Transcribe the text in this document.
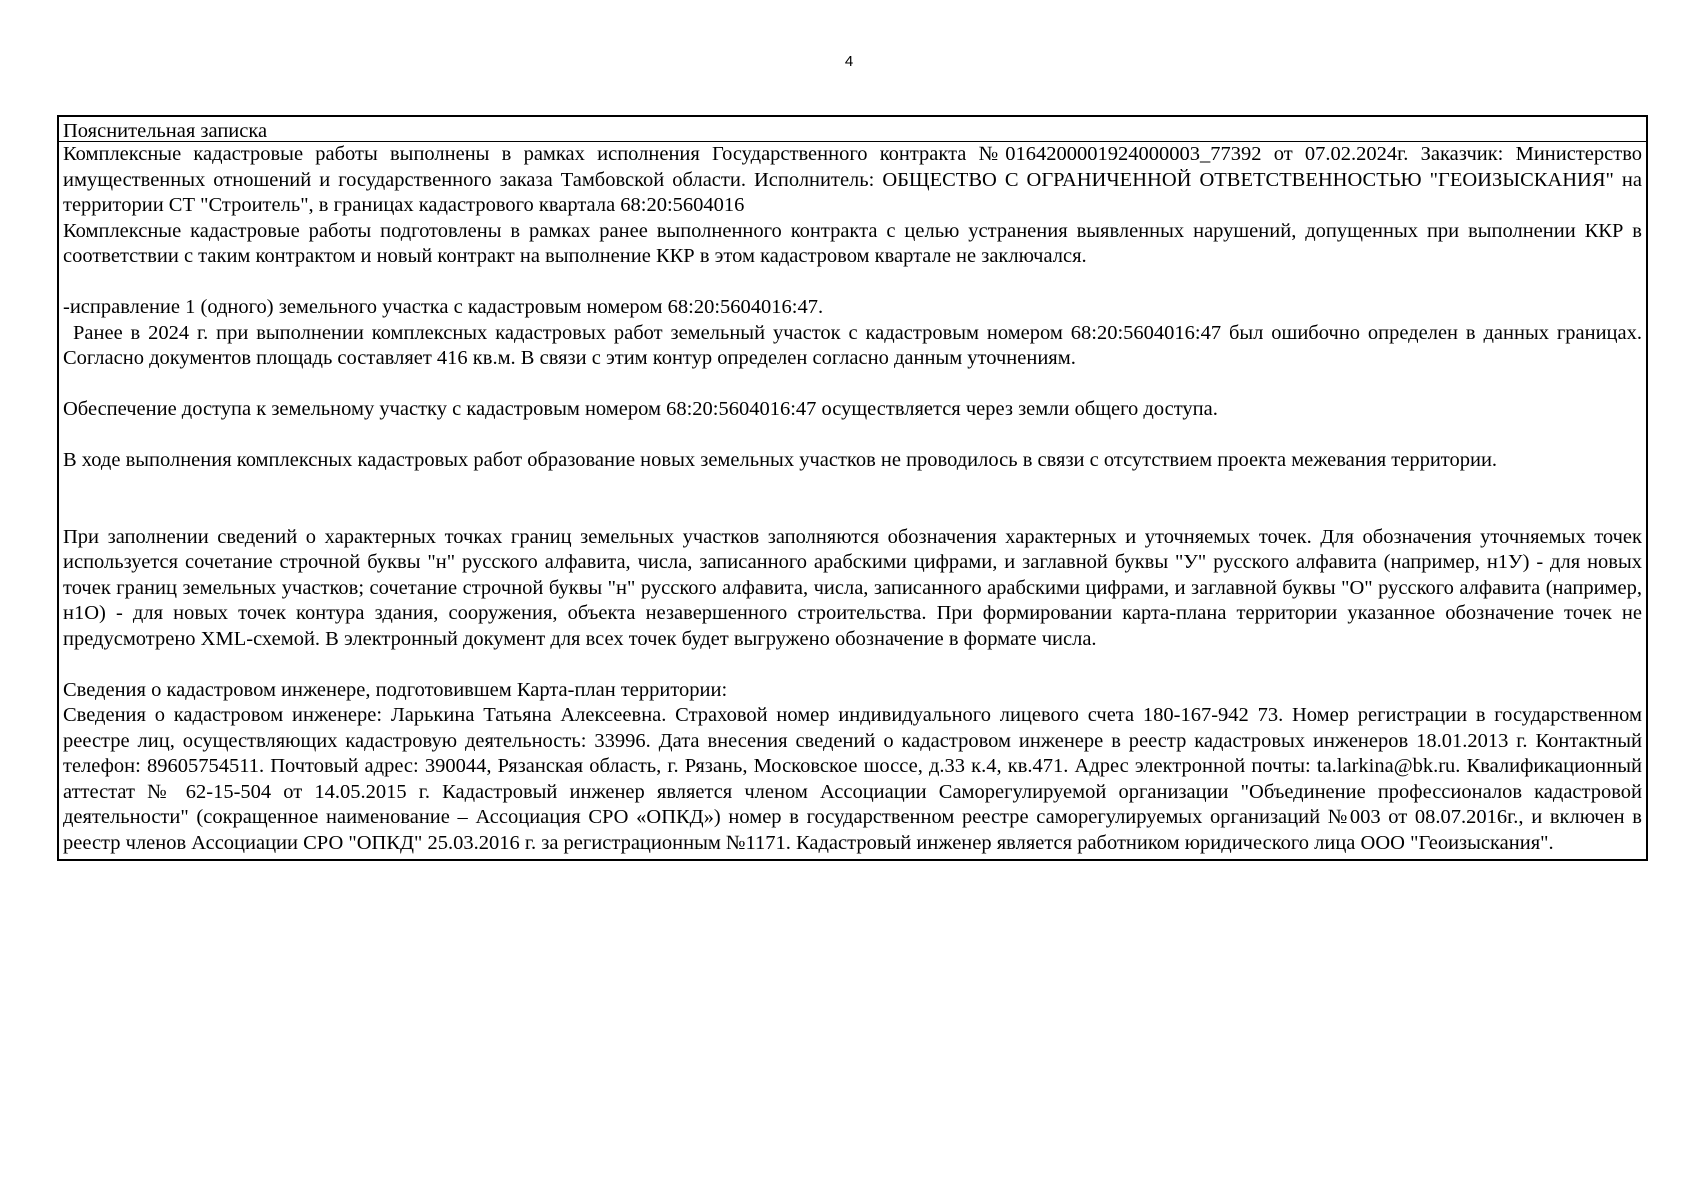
4
Пояснительная записка

Комплексные кадастровые работы выполнены в рамках исполнения Государственного контракта №0164200001924000003_77392 от 07.02.2024г. Заказчик: Министерство имущественных отношений и государственного заказа Тамбовской области. Исполнитель: ОБЩЕСТВО С ОГРАНИЧЕННОЙ ОТВЕТСТВЕННОСТЬЮ "ГЕОИЗЫСКАНИЯ" на территории СТ "Строитель", в границах кадастрового квартала 68:20:5604016

Комплексные кадастровые работы подготовлены в рамках ранее выполненного контракта с целью устранения выявленных нарушений, допущенных при выполнении ККР в соответствии с таким контрактом и новый контракт на выполнение ККР в этом кадастровом квартале не заключался.

-исправление 1 (одного) земельного участка с кадастровым номером 68:20:5604016:47.

Ранее в 2024 г. при выполнении комплексных кадастровых работ земельный участок с кадастровым номером 68:20:5604016:47 был ошибочно определен в данных границах. Согласно документов площадь составляет 416 кв.м. В связи с этим контур определен согласно данным уточнениям.

Обеспечение доступа к земельному участку с кадастровым номером 68:20:5604016:47 осуществляется через земли общего доступа.

В ходе выполнения комплексных кадастровых работ образование новых земельных участков не проводилось в связи с отсутствием проекта межевания территории.

При заполнении сведений о характерных точках границ земельных участков заполняются обозначения характерных и уточняемых точек. Для обозначения уточняемых точек используется сочетание строчной буквы "н" русского алфавита, числа, записанного арабскими цифрами, и заглавной буквы "У" русского алфавита (например, н1У) - для новых точек границ земельных участков; сочетание строчной буквы "н" русского алфавита, числа, записанного арабскими цифрами, и заглавной буквы "О" русского алфавита (например, н1О) - для новых точек контура здания, сооружения, объекта незавершенного строительства. При формировании карта-плана территории указанное обозначение точек не предусмотрено XML-схемой. В электронный документ для всех точек будет выгружено обозначение в формате числа.

Сведения о кадастровом инженере, подготовившем Карта-план территории:

Сведения о кадастровом инженере: Ларькина Татьяна Алексеевна. Страховой номер индивидуального лицевого счета 180-167-942 73. Номер регистрации в государственном реестре лиц, осуществляющих кадастровую деятельность: 33996. Дата внесения сведений о кадастровом инженере в реестр кадастровых инженеров 18.01.2013 г. Контактный телефон: 89605754511. Почтовый адрес: 390044, Рязанская область, г. Рязань, Московское шоссе, д.33 к.4, кв.471. Адрес электронной почты: ta.larkina@bk.ru. Квалификационный аттестат № 62-15-504 от 14.05.2015 г. Кадастровый инженер является членом Ассоциации Саморегулируемой организации "Объединение профессионалов кадастровой деятельности" (сокращенное наименование – Ассоциация СРО «ОПКД») номер в государственном реестре саморегулируемых организаций №003 от 08.07.2016г., и включен в реестр членов Ассоциации СРО "ОПКД" 25.03.2016 г. за регистрационным №1171. Кадастровый инженер является работником юридического лица ООО "Геоизыскания".
